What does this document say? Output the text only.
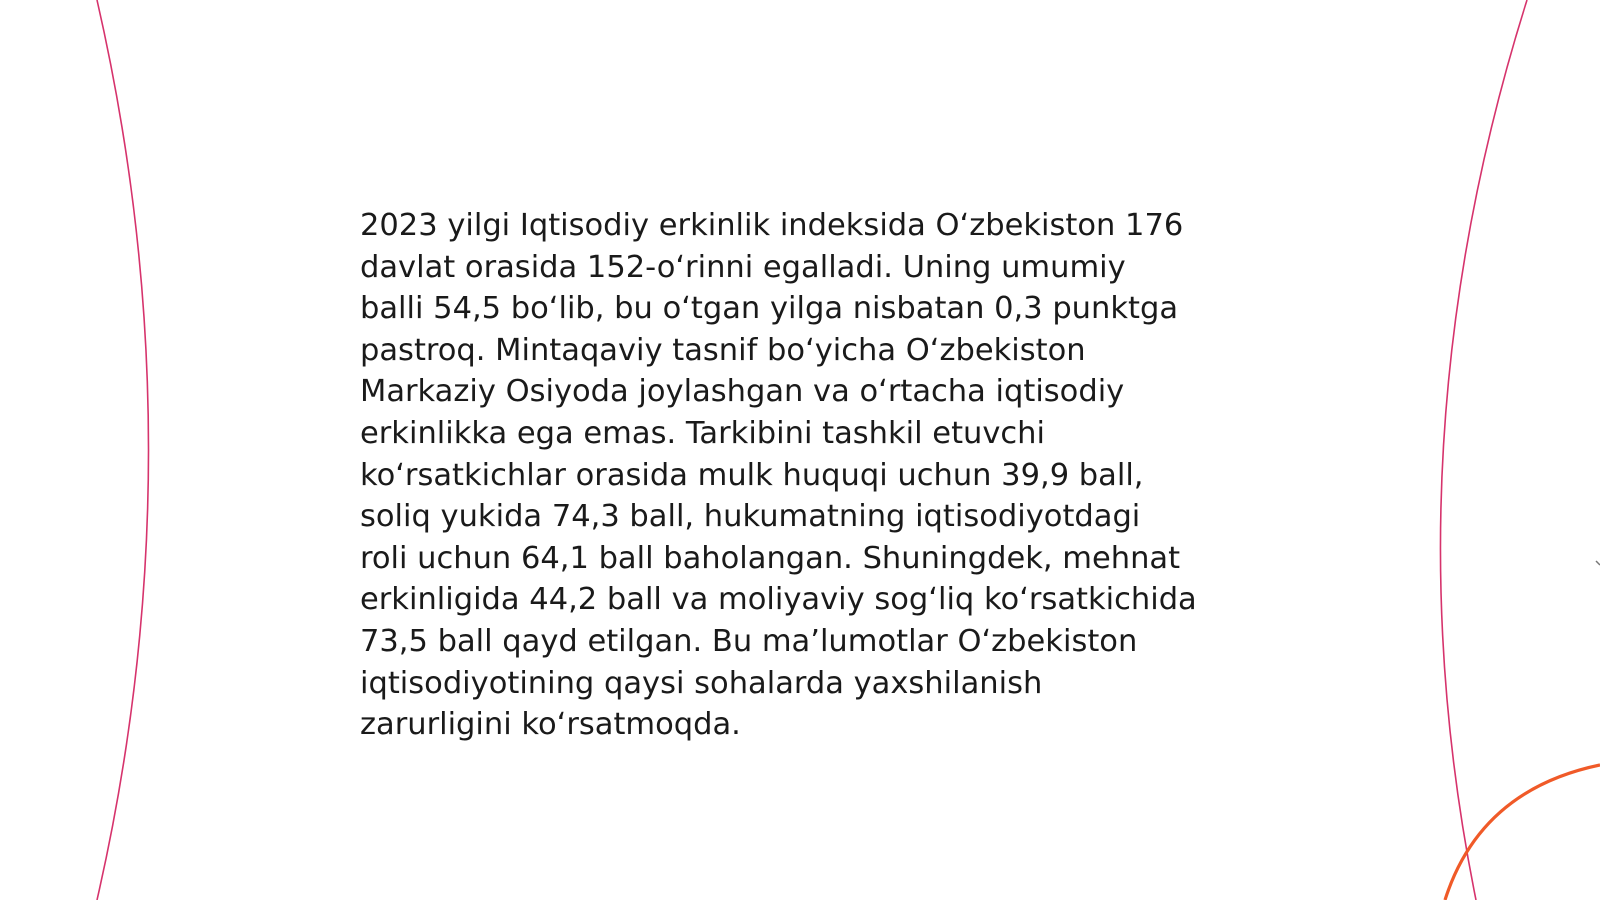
2023 yilgi Iqtisodiy erkinlik indeksida O‘zbekiston 176
davlat orasida 152-o‘rinni egalladi. Uning umumiy
balli 54,5 bo‘lib, bu o‘tgan yilga nisbatan 0,3 punktga
pastroq. Mintaqaviy tasnif bo‘yicha O‘zbekiston
Markaziy Osiyoda joylashgan va o‘rtacha iqtisodiy
erkinlikka ega emas. Tarkibini tashkil etuvchi
ko‘rsatkichlar orasida mulk huquqi uchun 39,9 ball,
soliq yukida 74,3 ball, hukumatning iqtisodiyotdagi
roli uchun 64,1 ball baholangan. Shuningdek, mehnat
erkinligida 44,2 ball va moliyaviy sog‘liq ko‘rsatkichida
73,5 ball qayd etilgan. Bu ma’lumotlar O‘zbekiston
iqtisodiyotining qaysi sohalarda yaxshilanish
zarurligini ko‘rsatmoqda.
